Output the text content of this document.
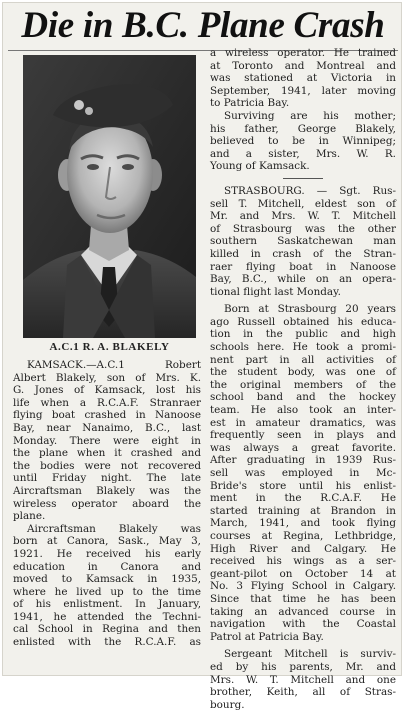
Die in B.C. Plane Crash
A.C.1 R. A. BLAKELY

KAMSACK.—A.C.1 Robert
Albert Blakely, son of Mrs. K.
G. Jones of Kamsack, lost his
life when a R.C.A.F. Stranraer
flying boat crashed in Nanoose
Bay, near Nanaimo, B.C., last
Monday. There were eight in
the plane when it crashed and
the bodies were not recovered
until Friday night. The late
Aircraftsman Blakely was the
wireless operator aboard the
plane.

Aircraftsman Blakely was
born at Canora, Sask., May 3,
1921. He received his early
education in Canora and
moved to Kamsack in 1935,
where he lived up to the time
of his enlistment. In January,
1941, he attended the Techni-
cal School in Regina and then
enlisted with the R.C.A.F. as

a wireless operator. He trained
at Toronto and Montreal and
was stationed at Victoria in
September, 1941, later moving
to Patricia Bay.

Surviving are his mother;
his father, George Blakely,
believed to be in Winnipeg;
and a sister, Mrs. W. R.
Young of Kamsack.

STRASBOURG. — Sgt. Rus-
sell T. Mitchell, eldest son of
Mr. and Mrs. W. T. Mitchell
of Strasbourg was the other
southern Saskatchewan man
killed in crash of the Stran-
raer flying boat in Nanoose
Bay, B.C., while on an opera-
tional flight last Monday.

Born at Strasbourg 20 years
ago Russell obtained his educa-
tion in the public and high
schools here. He took a promi-
nent part in all activities of
the student body, was one of
the original members of the
school band and the hockey
team. He also took an inter-
est in amateur dramatics, was
frequently seen in plays and
was always a great favorite.
After graduating in 1939 Rus-
sell was employed in Mc-
Bride's store until his enlist-
ment in the R.C.A.F. He
started training at Brandon in
March, 1941, and took flying
courses at Regina, Lethbridge,
High River and Calgary. He
received his wings as a ser-
geant-pilot on October 14 at
No. 3 Flying School in Calgary.
Since that time he has been
taking an advanced course in
navigation with the Coastal
Patrol at Patricia Bay.

Sergeant Mitchell is surviv-
ed by his parents, Mr. and
Mrs. W. T. Mitchell and one
brother, Keith, all of Stras-
bourg.
